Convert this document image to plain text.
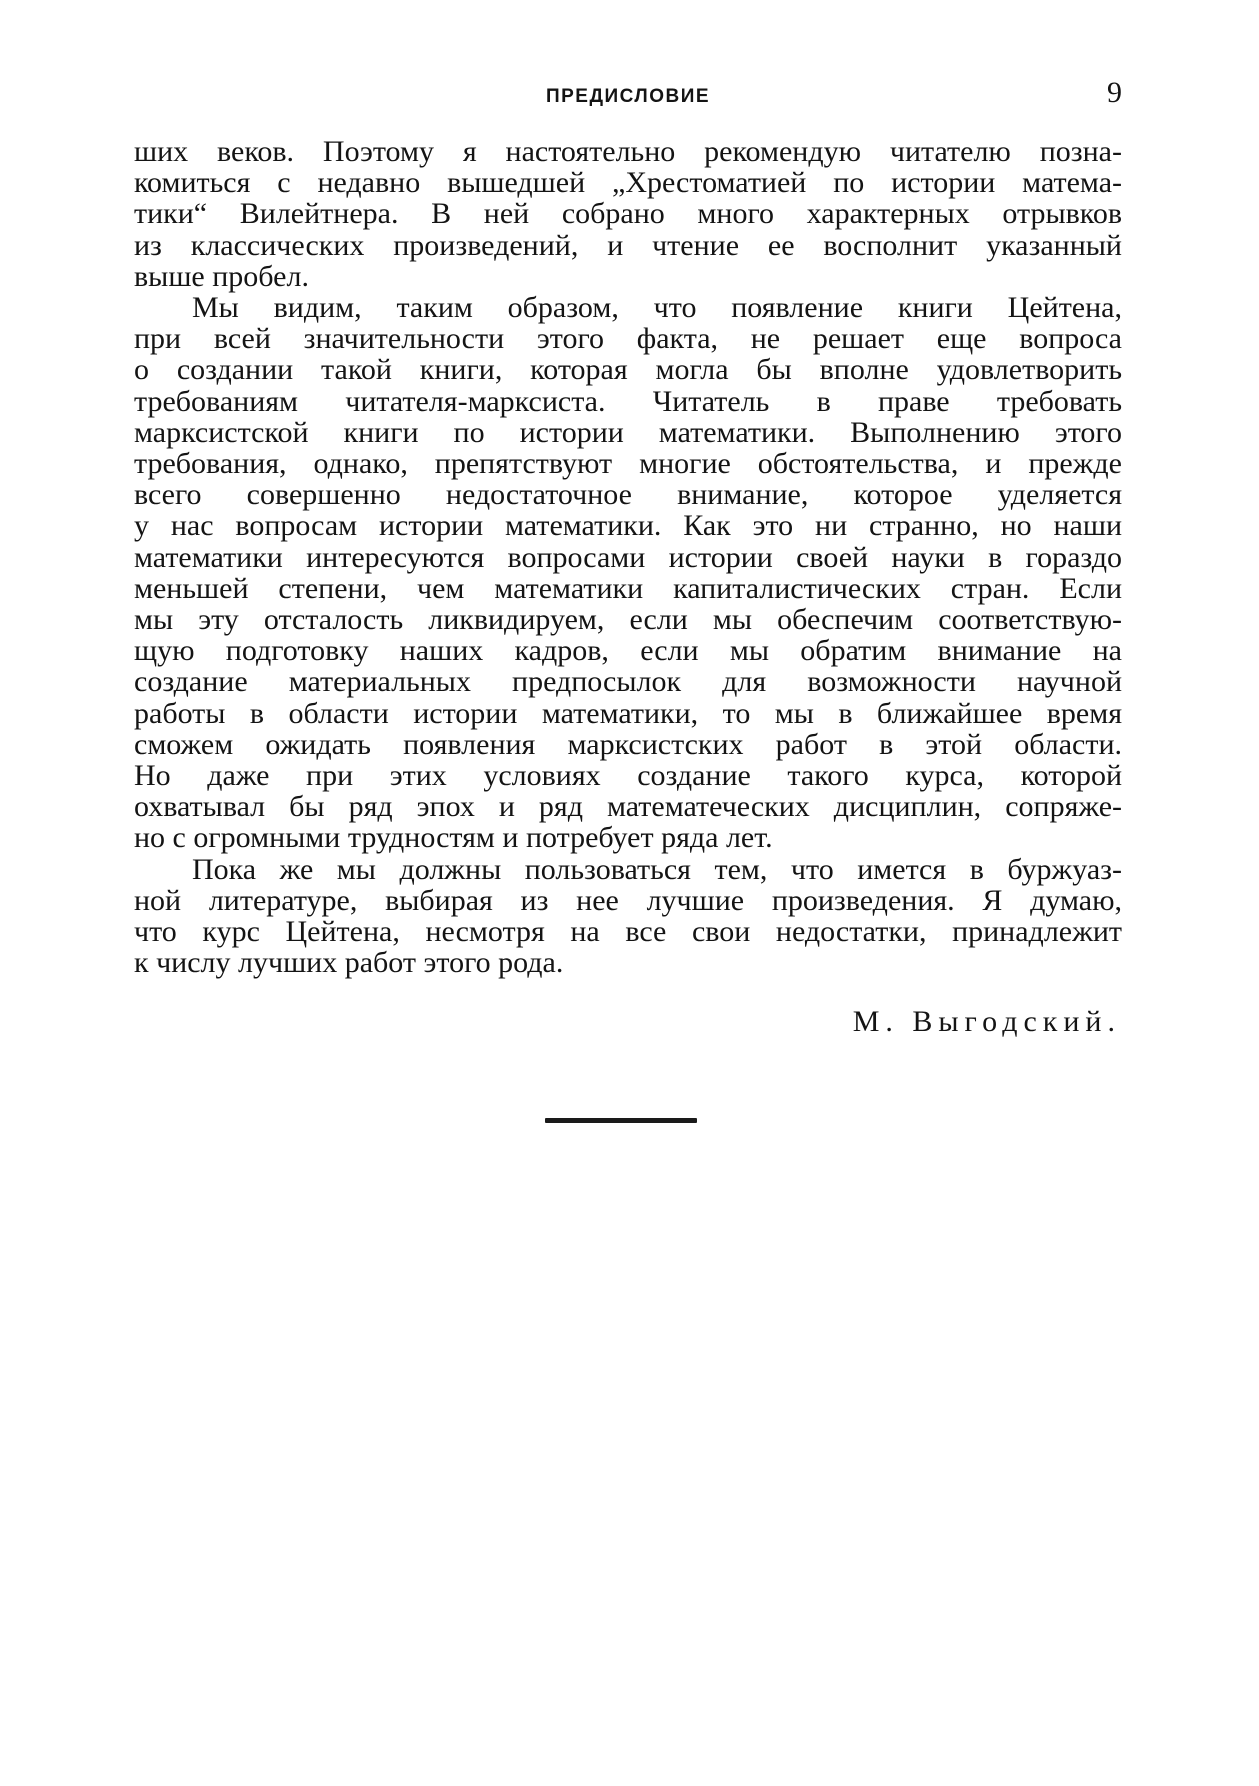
ПРЕДИСЛОВИЕ	9
ших веков. Поэтому я настоятельно рекомендую читателю позна-
комиться с недавно вышедшей „Хрестоматией по истории матема-
тики“ Вилейтнера. В ней собрано много характерных отрывков
из классических произведений, и чтение ее восполнит указанный
выше пробел.
Мы видим, таким образом, что появление книги Цейтена,
при всей значительности этого факта, не решает еще вопроса
о создании такой книги, которая могла бы вполне удовлетворить
требованиям читателя-марксиста. Читатель в праве требовать
марксистской книги по истории математики. Выполнению этого
требования, однако, препятствуют многие обстоятельства, и прежде
всего совершенно недостаточное внимание, которое уделяется
у нас вопросам истории математики. Как это ни странно, но наши
математики интересуются вопросами истории своей науки в гораздо
меньшей степени, чем математики капиталистических стран. Если
мы эту отсталость ликвидируем, если мы обеспечим соответствую-
щую подготовку наших кадров, если мы обратим внимание на
создание материальных предпосылок для возможности научной
работы в области истории математики, то мы в ближайшее время
сможем ожидать появления марксистских работ в этой области.
Но даже при этих условиях создание такого курса, которой
охватывал бы ряд эпох и ряд математеческих дисциплин, сопряже-
но с огромными трудностям и потребует ряда лет.
Пока же мы должны пользоваться тем, что имется в буржуаз-
ной литературе, выбирая из нее лучшие произведения. Я думаю,
что курс Цейтена, несмотря на все свои недостатки, принадлежит
к числу лучших работ этого рода.
М. Выгодский.
